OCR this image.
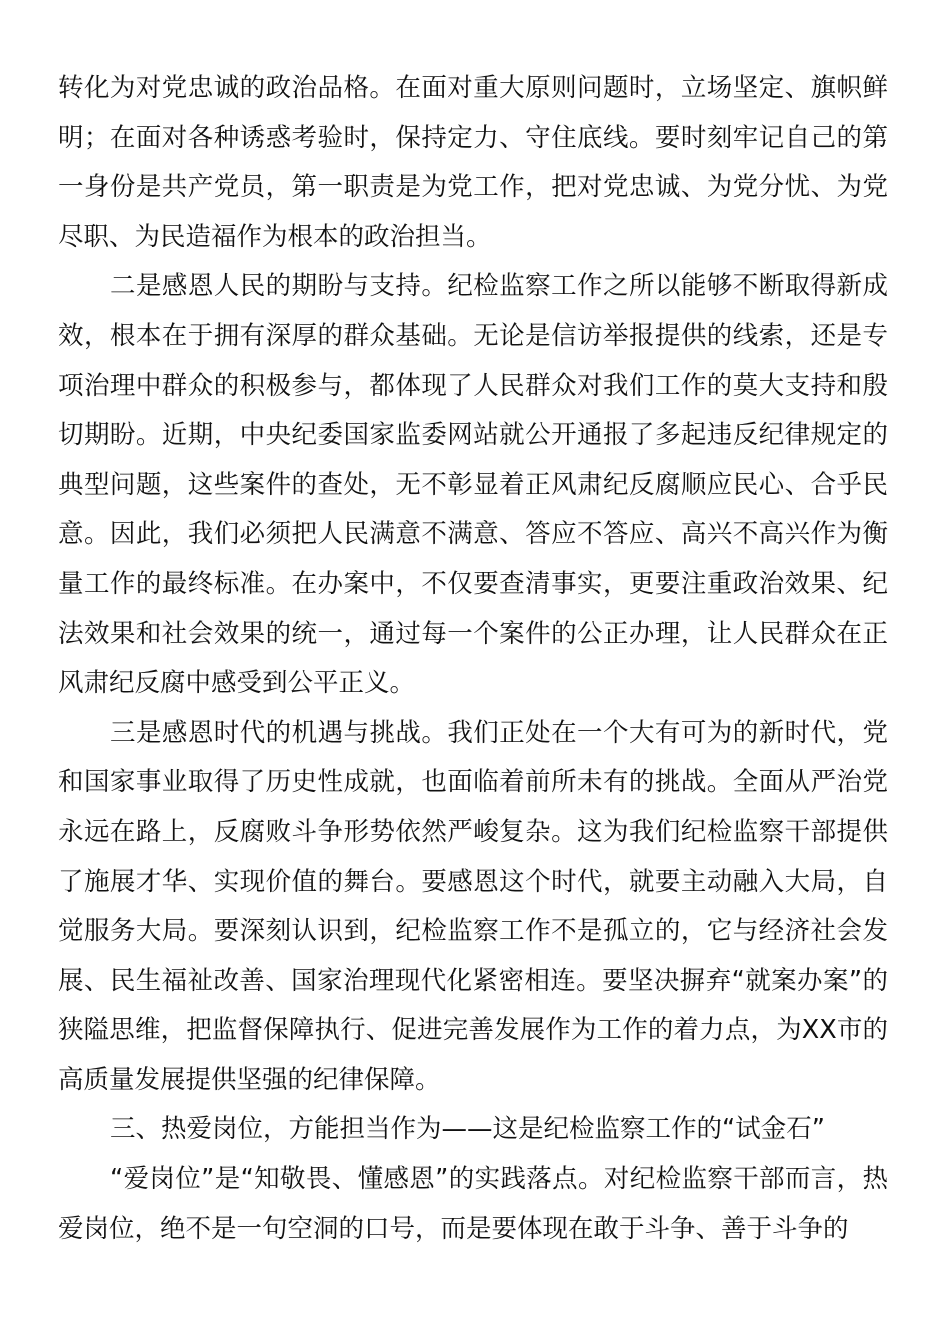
转化为对党忠诚的政治品格。在面对重大原则问题时，立场坚定、旗帜鲜明；在面对各种诱惑考验时，保持定力、守住底线。要时刻牢记自己的第一身份是共产党员，第一职责是为党工作，把对党忠诚、为党分忧、为党尽职、为民造福作为根本的政治担当。

二是感恩人民的期盼与支持。纪检监察工作之所以能够不断取得新成效，根本在于拥有深厚的群众基础。无论是信访举报提供的线索，还是专项治理中群众的积极参与，都体现了人民群众对我们工作的莫大支持和殷切期盼。近期，中央纪委国家监委网站就公开通报了多起违反纪律规定的典型问题，这些案件的查处，无不彰显着正风肃纪反腐顺应民心、合乎民意。因此，我们必须把人民满意不满意、答应不答应、高兴不高兴作为衡量工作的最终标准。在办案中，不仅要查清事实，更要注重政治效果、纪法效果和社会效果的统一，通过每一个案件的公正办理，让人民群众在正风肃纪反腐中感受到公平正义。

三是感恩时代的机遇与挑战。我们正处在一个大有可为的新时代，党和国家事业取得了历史性成就，也面临着前所未有的挑战。全面从严治党永远在路上，反腐败斗争形势依然严峻复杂。这为我们纪检监察干部提供了施展才华、实现价值的舞台。要感恩这个时代，就要主动融入大局，自觉服务大局。要深刻认识到，纪检监察工作不是孤立的，它与经济社会发展、民生福祉改善、国家治理现代化紧密相连。要坚决摒弃“就案办案”的狭隘思维，把监督保障执行、促进完善发展作为工作的着力点，为XX市的高质量发展提供坚强的纪律保障。

三、热爱岗位，方能担当作为——这是纪检监察工作的“试金石”

“爱岗位”是“知敬畏、懂感恩”的实践落点。对纪检监察干部而言，热爱岗位，绝不是一句空洞的口号，而是要体现在敢于斗争、善于斗争的
